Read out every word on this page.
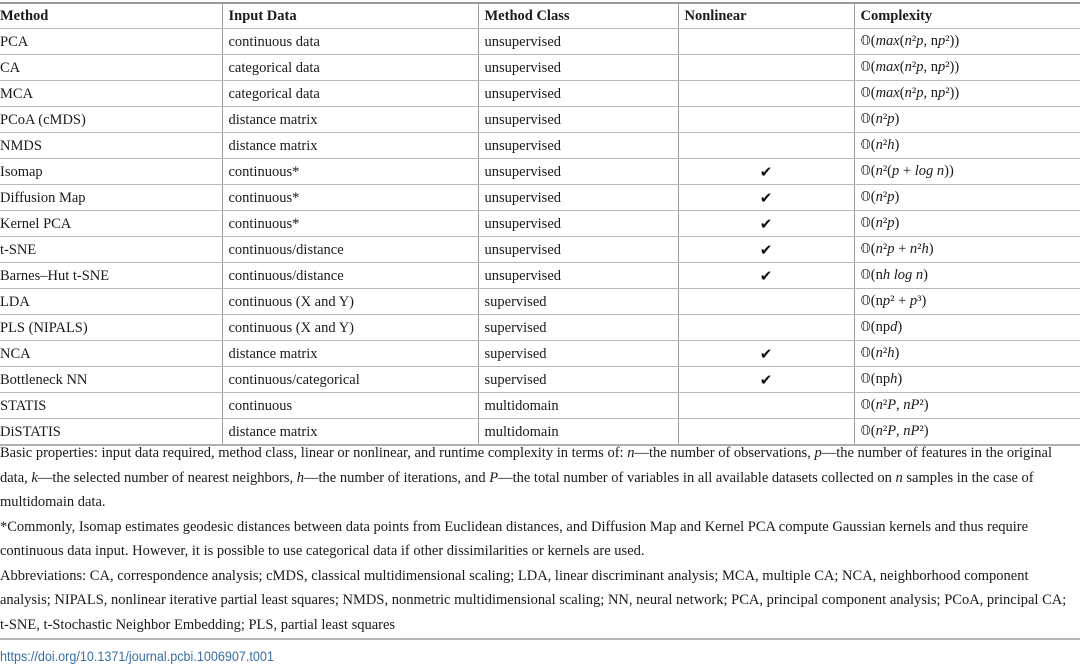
Method	Input Data	Method Class	Nonlinear	Complexity
PCA	continuous data	unsupervised		𝕆(max(n²p, np²))
CA	categorical data	unsupervised		𝕆(max(n²p, np²))
MCA	categorical data	unsupervised		𝕆(max(n²p, np²))
PCoA (cMDS)	distance matrix	unsupervised		𝕆(n²p)
NMDS	distance matrix	unsupervised		𝕆(n²h)
Isomap	continuous*	unsupervised	✔	𝕆(n²(p + log n))
Diffusion Map	continuous*	unsupervised	✔	𝕆(n²p)
Kernel PCA	continuous*	unsupervised	✔	𝕆(n²p)
t-SNE	continuous/distance	unsupervised	✔	𝕆(n²p + n²h)
Barnes–Hut t-SNE	continuous/distance	unsupervised	✔	𝕆(nh log n)
LDA	continuous (X and Y)	supervised		𝕆(np² + p³)
PLS (NIPALS)	continuous (X and Y)	supervised		𝕆(npd)
NCA	distance matrix	supervised	✔	𝕆(n²h)
Bottleneck NN	continuous/categorical	supervised	✔	𝕆(nph)
STATIS	continuous	multidomain		𝕆(n²P, nP²)
DiSTATIS	distance matrix	multidomain		𝕆(n²P, nP²)

Basic properties: input data required, method class, linear or nonlinear, and runtime complexity in terms of: n—the number of observations, p—the number of features in the original data, k—the selected number of nearest neighbors, h—the number of iterations, and P—the total number of variables in all available datasets collected on n samples in the case of multidomain data.

*Commonly, Isomap estimates geodesic distances between data points from Euclidean distances, and Diffusion Map and Kernel PCA compute Gaussian kernels and thus require continuous data input. However, it is possible to use categorical data if other dissimilarities or kernels are used.

Abbreviations: CA, correspondence analysis; cMDS, classical multidimensional scaling; LDA, linear discriminant analysis; MCA, multiple CA; NCA, neighborhood component analysis; NIPALS, nonlinear iterative partial least squares; NMDS, nonmetric multidimensional scaling; NN, neural network; PCA, principal component analysis; PCoA, principal CA; t-SNE, t-Stochastic Neighbor Embedding; PLS, partial least squares

https://doi.org/10.1371/journal.pcbi.1006907.t001
